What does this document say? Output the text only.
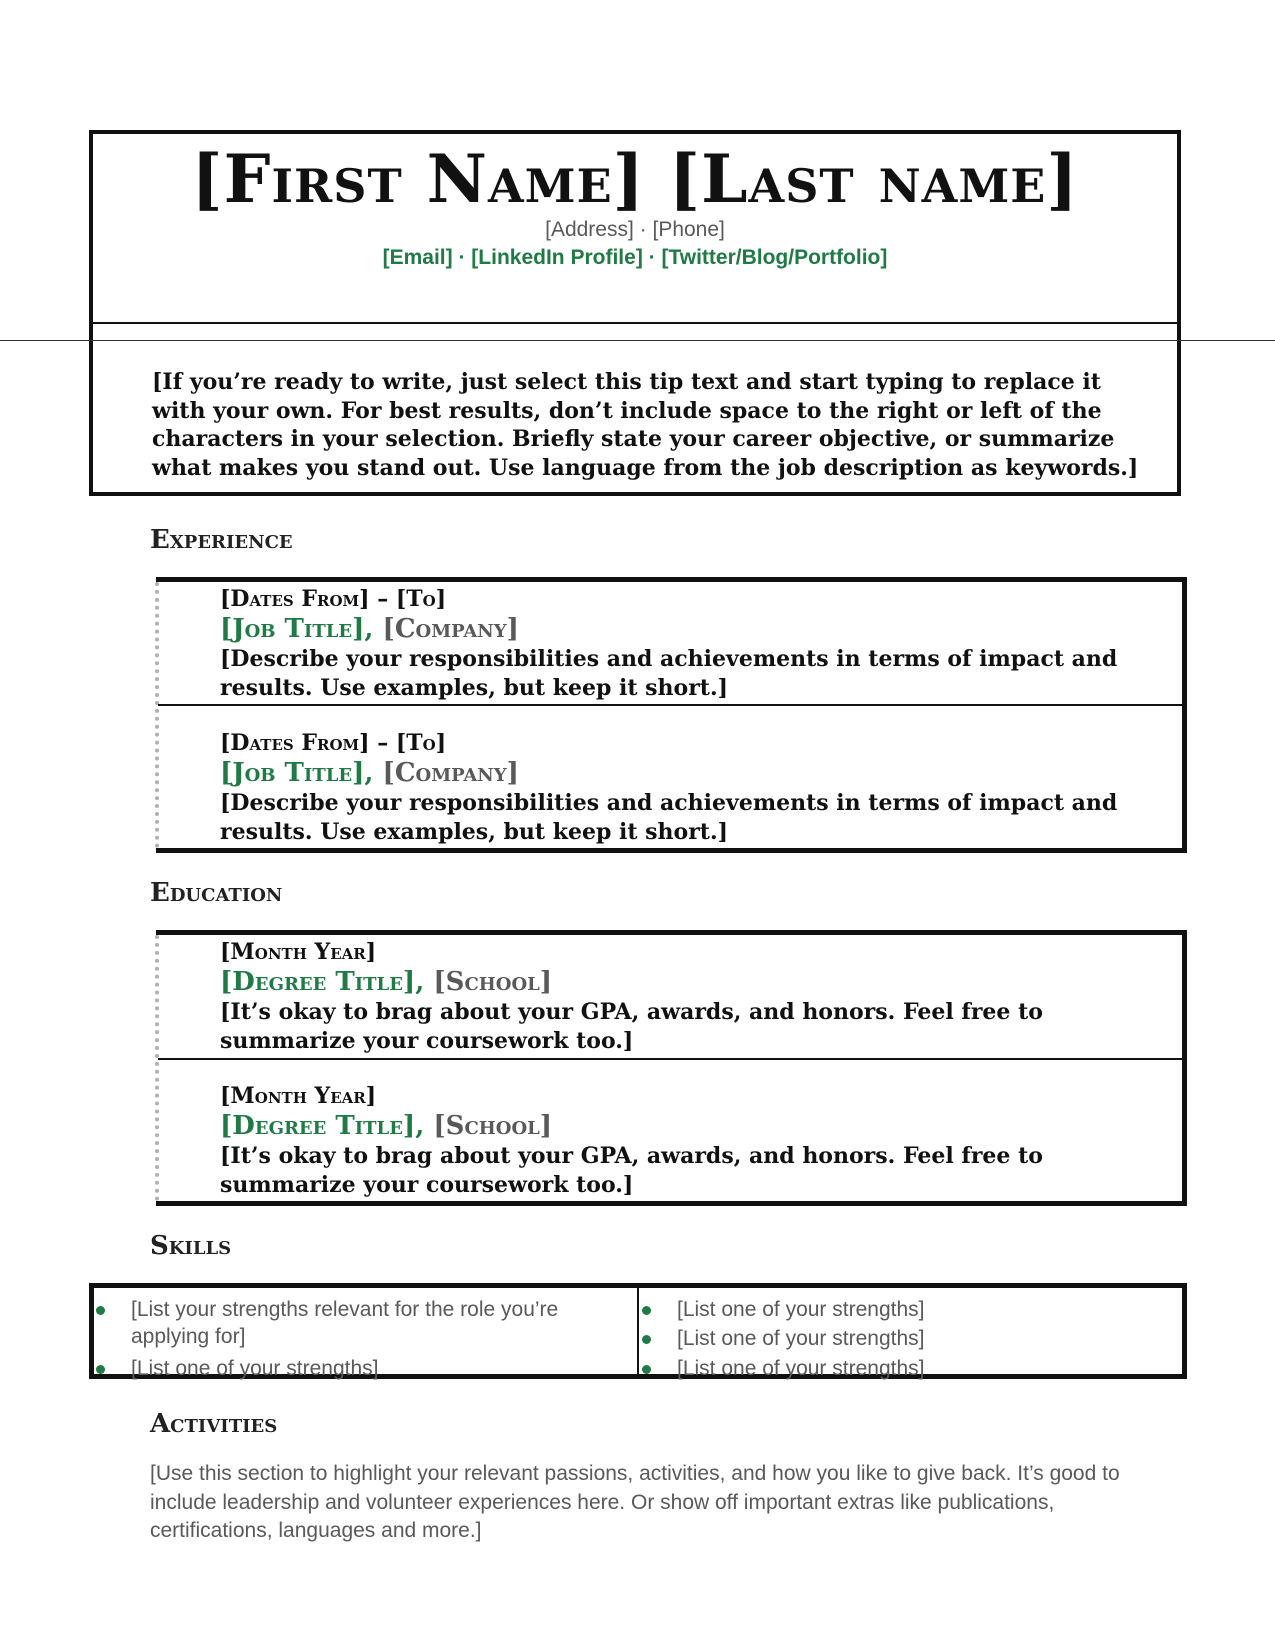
[First Name] [Last name]
[Address] · [Phone]
[Email] · [LinkedIn Profile] · [Twitter/Blog/Portfolio]
[If you’re ready to write, just select this tip text and start typing to replace it with your own. For best results, don’t include space to the right or left of the characters in your selection. Briefly state your career objective, or summarize what makes you stand out. Use language from the job description as keywords.]
Experience
[Dates From] – [To]
[Job Title], [Company]
[Describe your responsibilities and achievements in terms of impact and results. Use examples, but keep it short.]
[Dates From] – [To]
[Job Title], [Company]
[Describe your responsibilities and achievements in terms of impact and results. Use examples, but keep it short.]
Education
[Month Year]
[Degree Title], [School]
[It’s okay to brag about your GPA, awards, and honors. Feel free to summarize your coursework too.]
[Month Year]
[Degree Title], [School]
[It’s okay to brag about your GPA, awards, and honors. Feel free to summarize your coursework too.]
Skills
[List your strengths relevant for the role you’re applying for]
[List one of your strengths]
[List one of your strengths]
[List one of your strengths]
[List one of your strengths]
Activities
[Use this section to highlight your relevant passions, activities, and how you like to give back. It’s good to include leadership and volunteer experiences here. Or show off important extras like publications, certifications, languages and more.]
